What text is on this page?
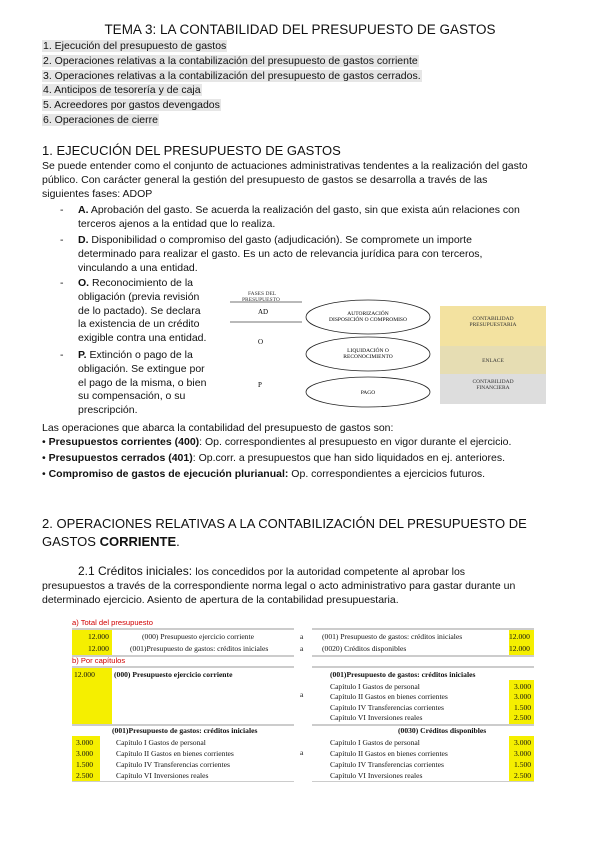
TEMA 3: LA CONTABILIDAD DEL PRESUPUESTO DE GASTOS
1. Ejecución del presupuesto de gastos
2. Operaciones relativas a la contabilización del presupuesto de gastos corriente
3. Operaciones relativas a la contabilización del presupuesto de gastos cerrados.
4. Anticipos de tesorería y de caja
5. Acreedores por gastos devengados
6. Operaciones de cierre
1. EJECUCIÓN DEL PRESUPUESTO DE GASTOS
Se puede entender como el conjunto de actuaciones administrativas tendentes a la realización del gasto
público. Con carácter general la gestión del presupuesto de gastos se desarrolla a través de las
siguientes fases: ADOP
- A. Aprobación del gasto. Se acuerda la realización del gasto, sin que exista aún relaciones con
terceros ajenos a la entidad que lo realiza.
- D. Disponibilidad o compromiso del gasto (adjudicación). Se compromete un importe
determinado para realizar el gasto. Es un acto de relevancia jurídica para con terceros,
vinculando a una entidad.
- O. Reconocimiento de la
obligación (previa revisión
de lo pactado). Se declara
la existencia de un crédito
exigible contra una entidad.
- P. Extinción o pago de la
obligación. Se extingue por
el pago de la misma, o bien
su compensación, o su
prescripción.
FASES DEL PRESUPUESTO
AD
O
P
AUTORIZACIÓN DISPOSICIÓN O COMPROMISO
LIQUIDACIÓN O RECONOCIMIENTO
PAGO
CONTABILIDAD PRESUPUESTARIA
ENLACE
CONTABILIDAD FINANCIERA
Las operaciones que abarca la contabilidad del presupuesto de gastos son:
• Presupuestos corrientes (400): Op. correspondientes al presupuesto en vigor durante el ejercicio.
• Presupuestos cerrados (401): Op.corr. a presupuestos que han sido liquidados en ej. anteriores.
• Compromiso de gastos de ejecución plurianual: Op. correspondientes a ejercicios futuros.
2. OPERACIONES RELATIVAS A LA CONTABILIZACIÓN DEL PRESUPUESTO DE
GASTOS CORRIENTE.
2.1 Créditos iniciales: los concedidos por la autoridad competente al aprobar los
presupuestos a través de la correspondiente norma legal o acto administrativo para gastar durante un
determinado ejercicio. Asiento de apertura de la contabilidad presupuestaria.
a) Total del presupuesto
12.000	(000) Presupuesto ejercicio corriente	a (001) Presupuesto de gastos: créditos iniciales	12.000
12.000	(001)Presupuesto de gastos: créditos iniciales	a (0020) Créditos disponibles	12.000
b) Por capítulos
12.000	(000) Presupuesto ejercicio corriente
a
(001)Presupuesto de gastos: créditos iniciales
Capítulo I Gastos de personal	3.000
Capítulo II Gastos en bienes corrientes	3.000
Capítulo IV Transferencias corrientes	1.500
Capítulo VI Inversiones reales	2.500
(001)Presupuesto de gastos: créditos iniciales	(0030) Créditos disponibles
a
3.000	Capítulo I Gastos de personal	Capítulo I Gastos de personal	3.000
3.000	Capítulo II Gastos en bienes corrientes	Capítulo II Gastos en bienes corrientes	3.000
1.500	Capítulo IV Transferencias corrientes	Capítulo IV Transferencias corrientes	1.500
2.500	Capítulo VI Inversiones reales	Capítulo VI Inversiones reales	2.500
